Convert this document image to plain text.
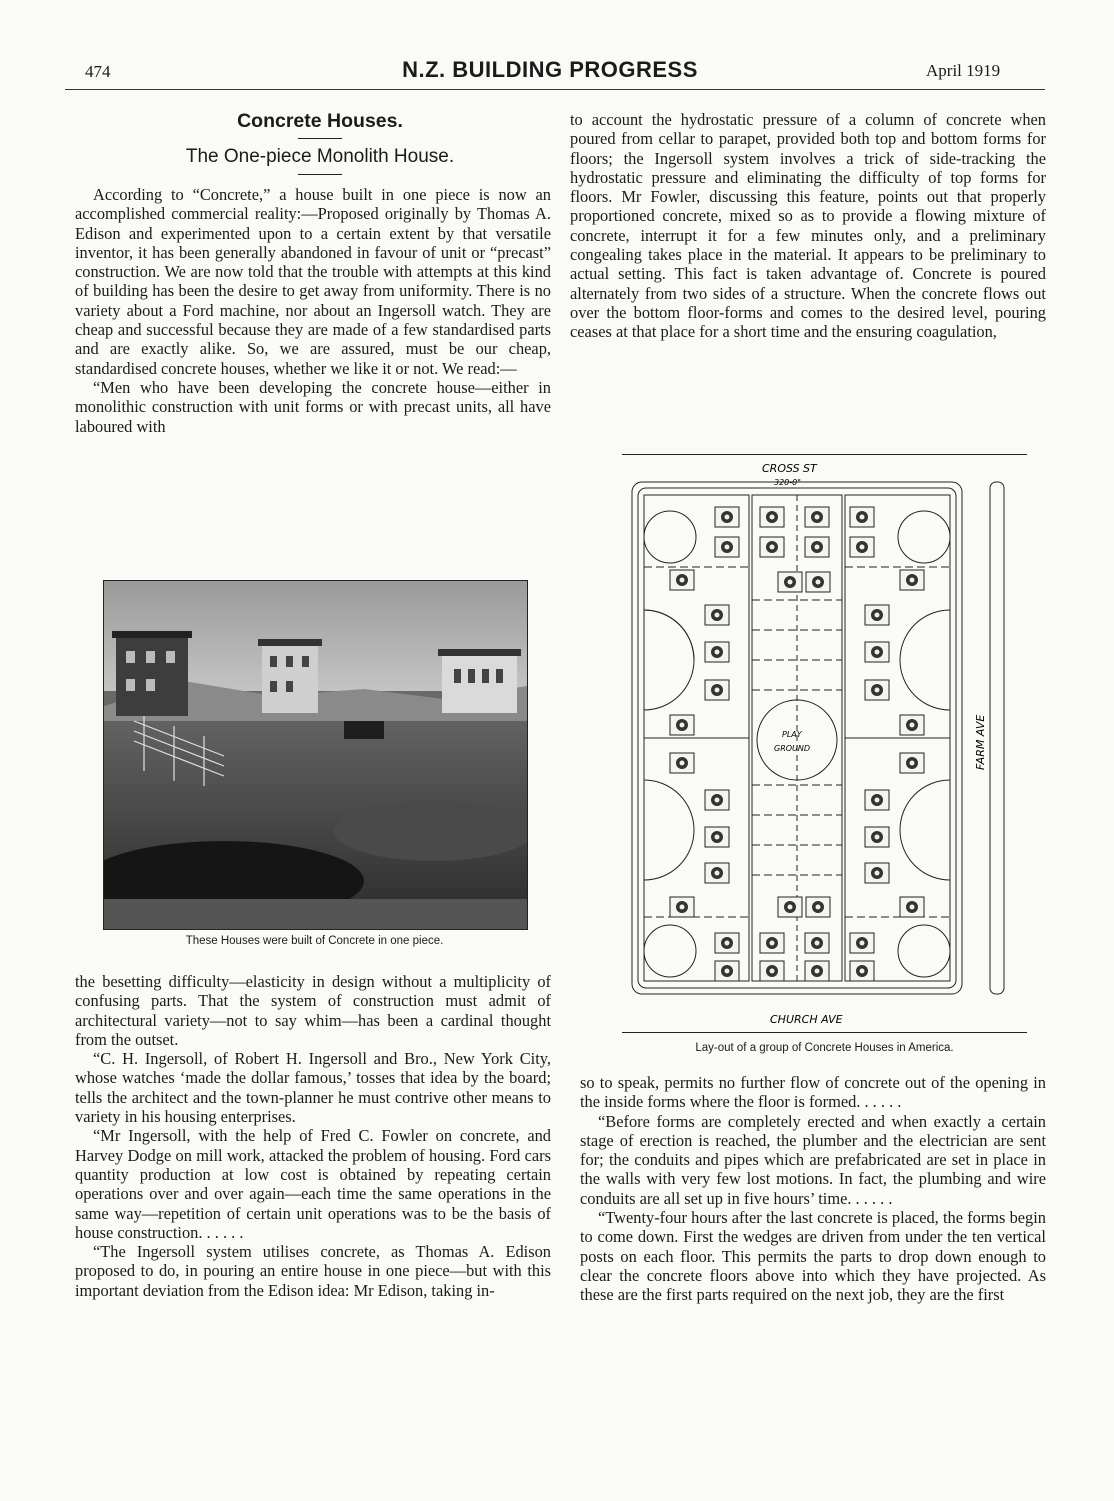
474	N.Z. BUILDING PROGRESS	April 1919
Concrete Houses.
The One-piece Monolith House.

According to “Concrete,” a house built in one piece is now an accomplished commercial reality:—Proposed originally by Thomas A. Edison and experimented upon to a certain extent by that versatile inventor, it has been generally abandoned in favour of unit or “precast” construction. We are now told that the trouble with attempts at this kind of building has been the desire to get away from uniformity. There is no variety about a Ford machine, nor about an Ingersoll watch. They are cheap and successful because they are made of a few standardised parts and are exactly alike. So, we are assured, must be our cheap, standardised concrete houses, whether we like it or not. We read:—

“Men who have been developing the concrete house—either in monolithic construction with unit forms or with precast units, all have laboured with

These Houses were built of Concrete in one piece.

the besetting difficulty—elasticity in design without a multiplicity of confusing parts. That the system of construction must admit of architectural variety—not to say whim—has been a cardinal thought from the outset.

“C. H. Ingersoll, of Robert H. Ingersoll and Bro., New York City, whose watches ‘made the dollar famous,’ tosses that idea by the board; tells the architect and the town-planner he must contrive other means to variety in his housing enterprises.

“Mr Ingersoll, with the help of Fred C. Fowler on concrete, and Harvey Dodge on mill work, attacked the problem of housing. Ford cars quantity production at low cost is obtained by repeating certain operations over and over again—each time the same operations in the same way—repetition of certain unit operations was to be the basis of house construction. . . . . .

“The Ingersoll system utilises concrete, as Thomas A. Edison proposed to do, in pouring an entire house in one piece—but with this important deviation from the Edison idea: Mr Edison, taking in-

to account the hydrostatic pressure of a column of concrete when poured from cellar to parapet, provided both top and bottom forms for floors; the Ingersoll system involves a trick of side-tracking the hydrostatic pressure and eliminating the difficulty of top forms for floors. Mr Fowler, discussing this feature, points out that properly proportioned concrete, mixed so as to provide a flowing mixture of concrete, interrupt it for a few minutes only, and a preliminary congealing takes place in the material. It appears to be preliminary to actual setting. This fact is taken advantage of. Concrete is poured alternately from two sides of a structure. When the concrete flows out over the bottom floor-forms and comes to the desired level, pouring ceases at that place for a short time and the ensuring coagulation,

CROSS ST
320-0"
CHURCH AVE
PLAY
GROUND
MORRIS AVE	FARM AVE
Lay-out of a group of Concrete Houses in America.

so to speak, permits no further flow of concrete out of the opening in the inside forms where the floor is formed. . . . . .

“Before forms are completely erected and when exactly a certain stage of erection is reached, the plumber and the electrician are sent for; the conduits and pipes which are prefabricated are set in place in the walls with very few lost motions. In fact, the plumbing and wire conduits are all set up in five hours’ time. . . . . .

“Twenty-four hours after the last concrete is placed, the forms begin to come down. First the wedges are driven from under the ten vertical posts on each floor. This permits the parts to drop down enough to clear the concrete floors above into which they have projected. As these are the first parts required on the next job, they are the first
